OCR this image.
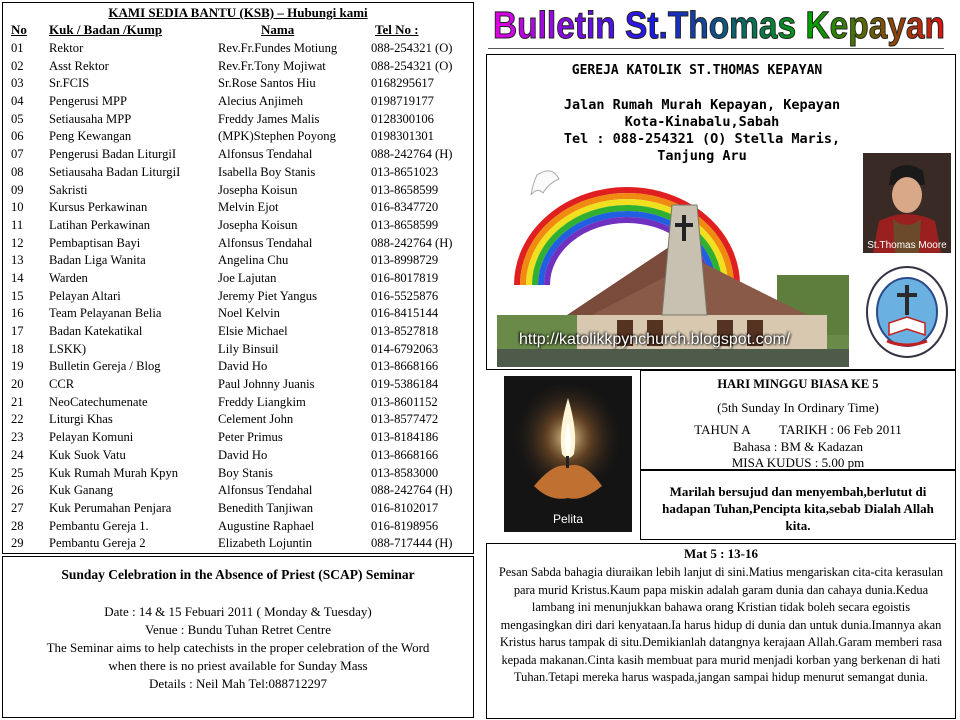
KAMI SEDIA BANTU (KSB) – Hubungi kami
No Kuk / Badan /Kump	Nama	Tel No :
01 Rektor	Rev.Fr.Fundes Motiung	088-254321 (O)
02 Asst Rektor	Rev.Fr.Tony Mojiwat	088-254321 (O)
03 Sr.FCIS	Sr.Rose Santos Hiu	0168295617
04 Pengerusi MPP	Alecius Anjimeh	0198719177
05 Setiausaha MPP	Freddy James Malis	0128300106
06 Peng Kewangan	(MPK)Stephen Poyong	0198301301
07 Pengerusi Badan LiturgiI	Alfonsus Tendahal	088-242764 (H)
08 Setiausaha Badan LiturgiI	Isabella Boy Stanis	013-8651023
09 Sakristi	Josepha Koisun	013-8658599
10 Kursus Perkawinan	Melvin Ejot	016-8347720
11 Latihan Perkawinan	Josepha Koisun	013-8658599
12 Pembaptisan Bayi	Alfonsus Tendahal	088-242764 (H)
13 Badan Liga Wanita	Angelina Chu	013-8998729
14 Warden	Joe Lajutan	016-8017819
15 Pelayan Altari	Jeremy Piet Yangus	016-5525876
16 Team Pelayanan Belia	Noel Kelvin	016-8415144
17 Badan Katekatikal	Elsie Michael	013-8527818
18 LSKK)	Lily Binsuil	014-6792063
19 Bulletin Gereja / Blog	David Ho	013-8668166
20 CCR	Paul Johnny Juanis	019-5386184
21 NeoCatechumenate	Freddy Liangkim	013-8601152
22 Liturgi Khas	Celement John	013-8577472
23 Pelayan Komuni	Peter Primus	013-8184186
24 Kuk Suok Vatu	David Ho	013-8668166
25 Kuk Rumah Murah Kpyn	Boy Stanis	013-8583000
26 Kuk Ganang	Alfonsus Tendahal	088-242764 (H)
27 Kuk Perumahan Penjara	Benedith Tanjiwan	016-8102017
28 Pembantu Gereja 1.	Augustine Raphael	016-8198956
29 Pembantu Gereja 2	Elizabeth Lojuntin	088-717444 (H)
Sunday Celebration in the Absence of Priest (SCAP) Seminar
Date : 14 & 15 Febuari 2011 ( Monday & Tuesday)
Venue : Bundu Tuhan Retret Centre
The Seminar aims to help catechists in the proper celebration of the Word
when there is no priest available for Sunday Mass
Details : Neil Mah Tel:088712297
Bulletin St.Thomas Kepayan
GEREJA KATOLIK ST.THOMAS KEPAYAN
Jalan Rumah Murah Kepayan, Kepayan
Kota-Kinabalu,Sabah
Tel : 088-254321 (O) Stella Maris,
Tanjung Aru
http://katolikkpynchurch.blogspot.com/
St.Thomas Moore
Pelita
HARI MINGGU BIASA KE 5
(5th Sunday In Ordinary Time)
TAHUN A TARIKH : 06 Feb 2011
Bahasa : BM & Kadazan
MISA KUDUS : 5.00 pm
Marilah bersujud dan menyembah,berlutut di hadapan Tuhan,Pencipta kita,sebab Dialah Allah kita.
Mat 5 : 13-16
Pesan Sabda bahagia diuraikan lebih lanjut di sini.Matius mengariskan cita-cita kerasulan para murid Kristus.Kaum papa miskin adalah garam dunia dan cahaya dunia.Kedua lambang ini menunjukkan bahawa orang Kristian tidak boleh secara egoistis mengasingkan diri dari kenyataan.Ia harus hidup di dunia dan untuk dunia.Imannya akan Kristus harus tampak di situ.Demikianlah datangnya kerajaan Allah.Garam memberi rasa kepada makanan.Cinta kasih membuat para murid menjadi korban yang berkenan di hati Tuhan.Tetapi mereka harus waspada,jangan sampai hidup menurut semangat dunia.
